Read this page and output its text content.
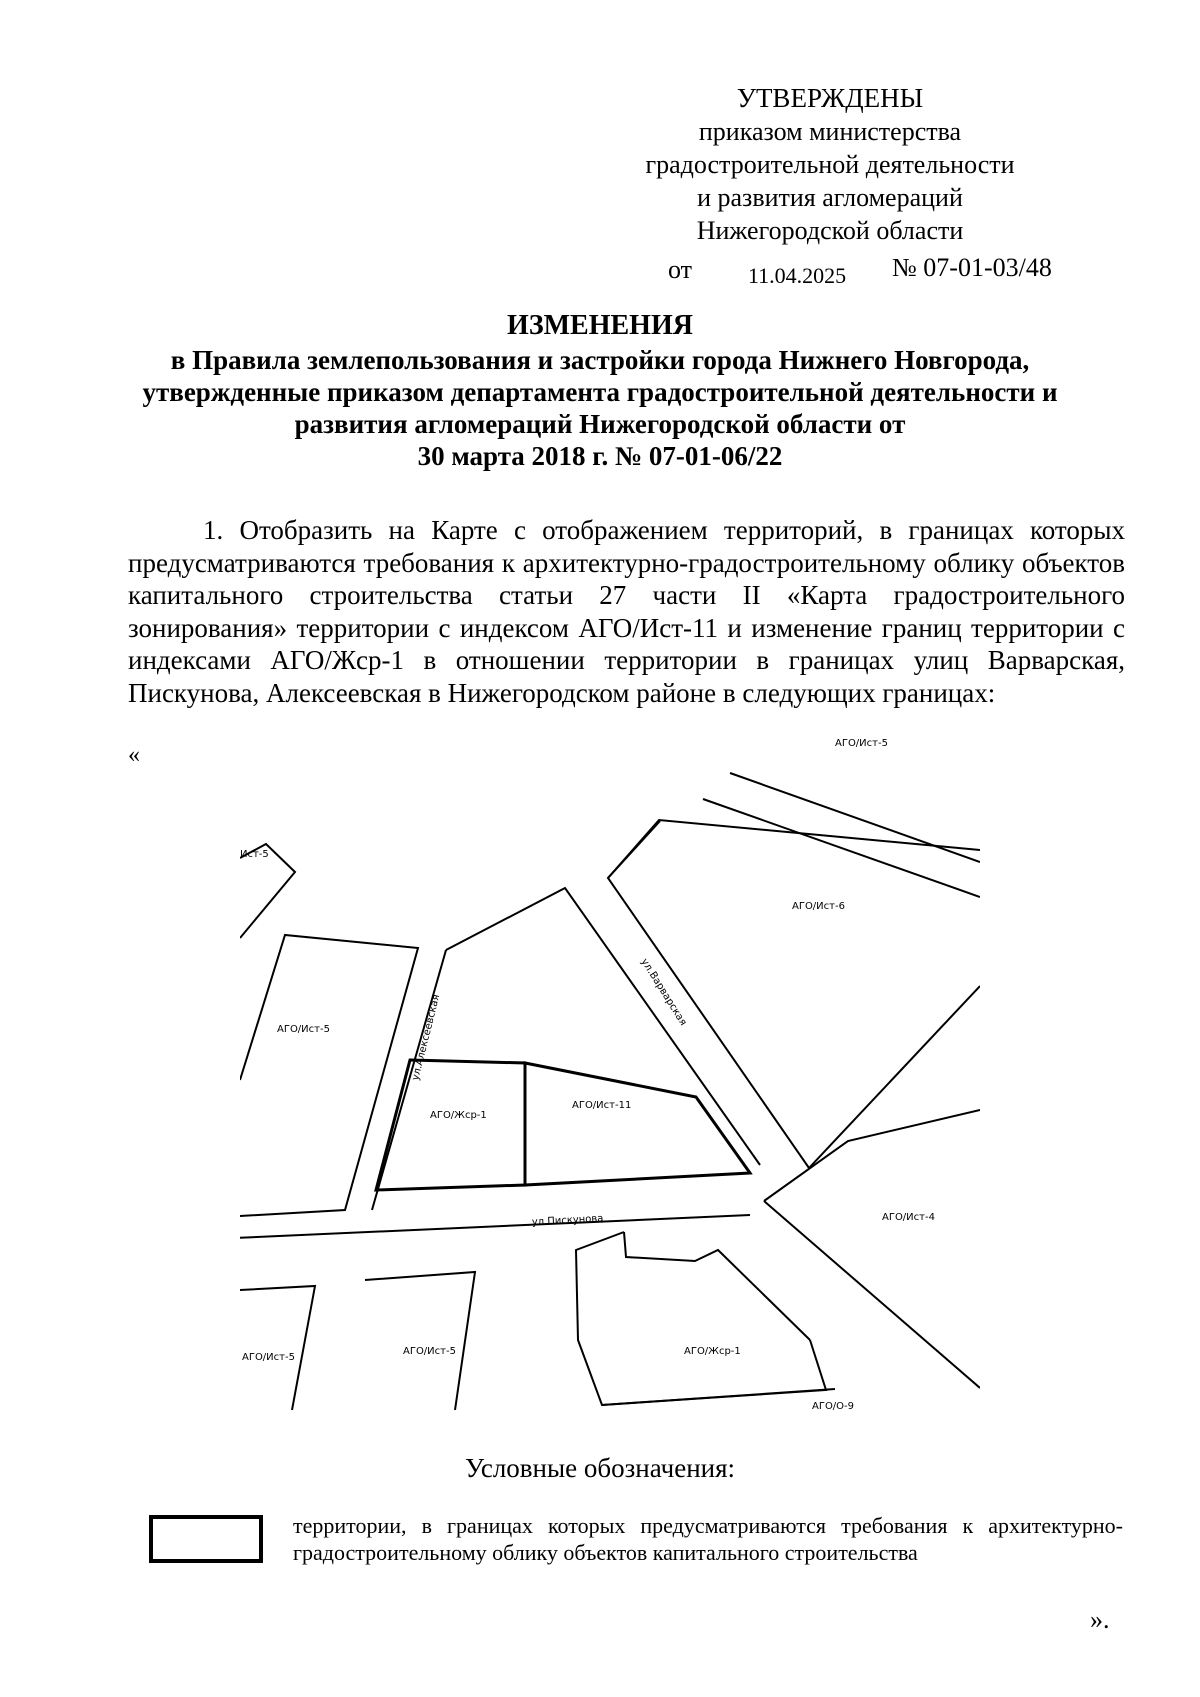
УТВЕРЖДЕНЫ
приказом министерства
градостроительной деятельности
и развития агломераций
Нижегородской области
от	11.04.2025 № 07-01-03/48
ИЗМЕНЕНИЯ
в Правила землепользования и застройки города Нижнего Новгорода,
утвержденные приказом департамента градостроительной деятельности и
развития агломераций Нижегородской области от
30 марта 2018 г. № 07-01-06/22
1. Отобразить на Карте с отображением территорий, в границах которых предусматриваются требования к архитектурно-градостроительному облику объектов капитального строительства статьи 27 части II «Карта градостроительного зонирования» территории с индексом АГО/Ист-11 и изменение границ территории с индексами АГО/Жср-1 в отношении территории в границах улиц Варварская, Пискунова, Алексеевская в Нижегородском районе в следующих границах:
«	АГО/Ист-5
Ист-5
АГО/Ист-6
АГО/Ист-5
АГО/Жср-1
АГО/Ист-11
АГО/Ист-4
АГО/Ист-5
АГО/Ист-5	АГО/Жср-1
АГО/О-9
ул.Алексеевская
ул.Варварская
ул.Пискунова
Условные обозначения:
территории, в границах которых предусматриваются требования к архитектурно-градостроительному облику объектов капитального строительства
».
